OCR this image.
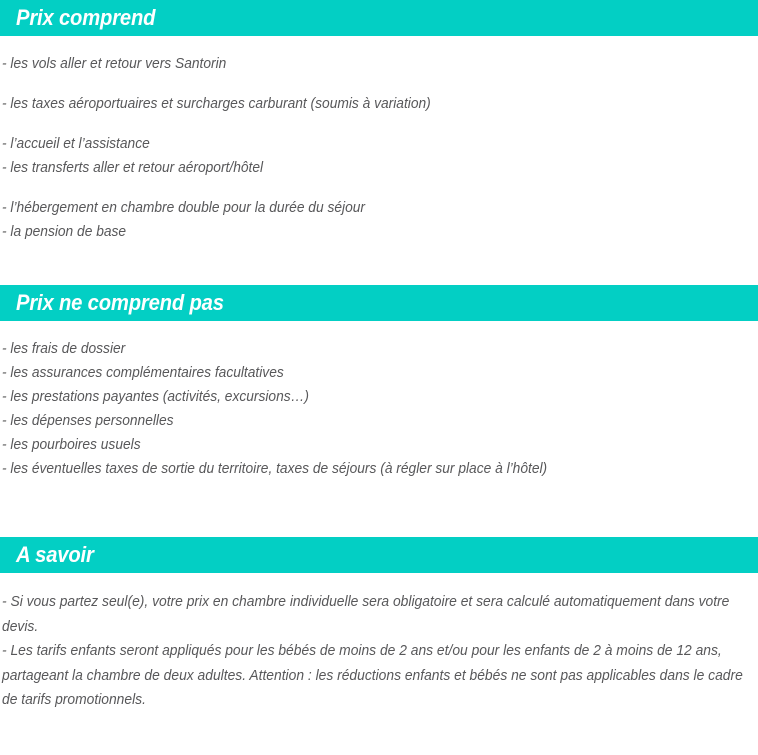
Prix comprend
- les vols aller et retour vers Santorin
- les taxes aéroportuaires et surcharges carburant (soumis à variation)
- l’accueil et l’assistance
- les transferts aller et retour aéroport/hôtel
- l’hébergement en chambre double pour la durée du séjour
- la pension de base
Prix ne comprend pas
- les frais de dossier
- les assurances complémentaires facultatives
- les prestations payantes (activités, excursions…)
- les dépenses personnelles
- les pourboires usuels
- les éventuelles taxes de sortie du territoire, taxes de séjours (à régler sur place à l’hôtel)
A savoir

- Si vous partez seul(e), votre prix en chambre individuelle sera obligatoire et sera calculé automatiquement dans votre devis.

- Les tarifs enfants seront appliqués pour les bébés de moins de 2 ans et/ou pour les enfants de 2 à moins de 12 ans, partageant la chambre de deux adultes. Attention : les réductions enfants et bébés ne sont pas applicables dans le cadre de tarifs promotionnels.
